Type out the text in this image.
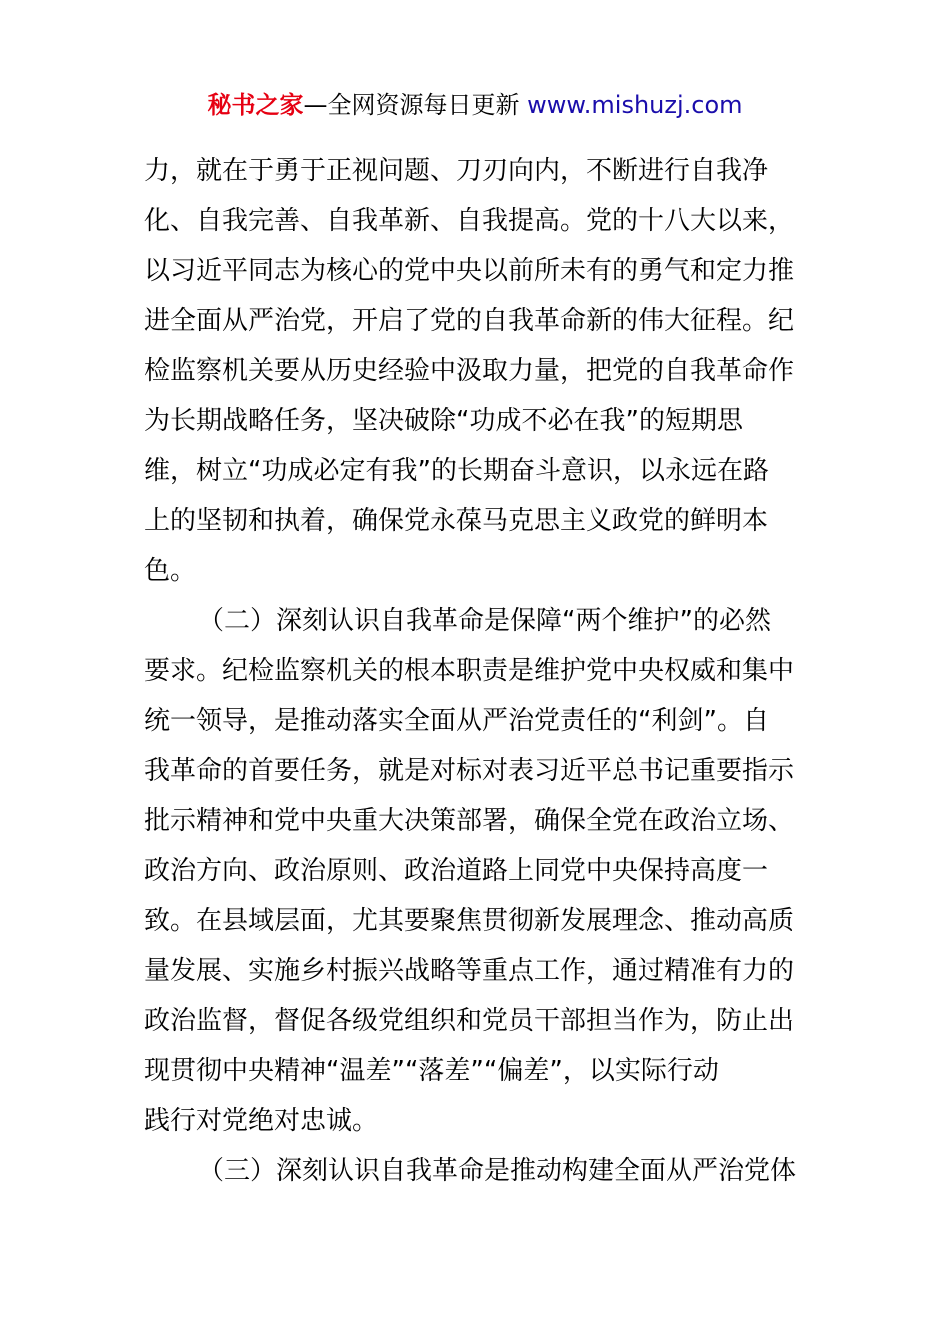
秘书之家—全网资源每日更新 www.mishuzj.com
力，就在于勇于正视问题、刀刃向内，不断进行自我净
化、自我完善、自我革新、自我提高。党的十八大以来，
以习近平同志为核心的党中央以前所未有的勇气和定力推
进全面从严治党，开启了党的自我革命新的伟大征程。纪
检监察机关要从历史经验中汲取力量，把党的自我革命作
为长期战略任务，坚决破除“功成不必在我”的短期思
维，树立“功成必定有我”的长期奋斗意识，以永远在路
上的坚韧和执着，确保党永葆马克思主义政党的鲜明本
色。
（二）深刻认识自我革命是保障“两个维护”的必然
要求。纪检监察机关的根本职责是维护党中央权威和集中
统一领导，是推动落实全面从严治党责任的“利剑”。自
我革命的首要任务，就是对标对表习近平总书记重要指示
批示精神和党中央重大决策部署，确保全党在政治立场、
政治方向、政治原则、政治道路上同党中央保持高度一
致。在县域层面，尤其要聚焦贯彻新发展理念、推动高质
量发展、实施乡村振兴战略等重点工作，通过精准有力的
政治监督，督促各级党组织和党员干部担当作为，防止出
现贯彻中央精神“温差”“落差”“偏差”，以实际行动
践行对党绝对忠诚。
（三）深刻认识自我革命是推动构建全面从严治党体
